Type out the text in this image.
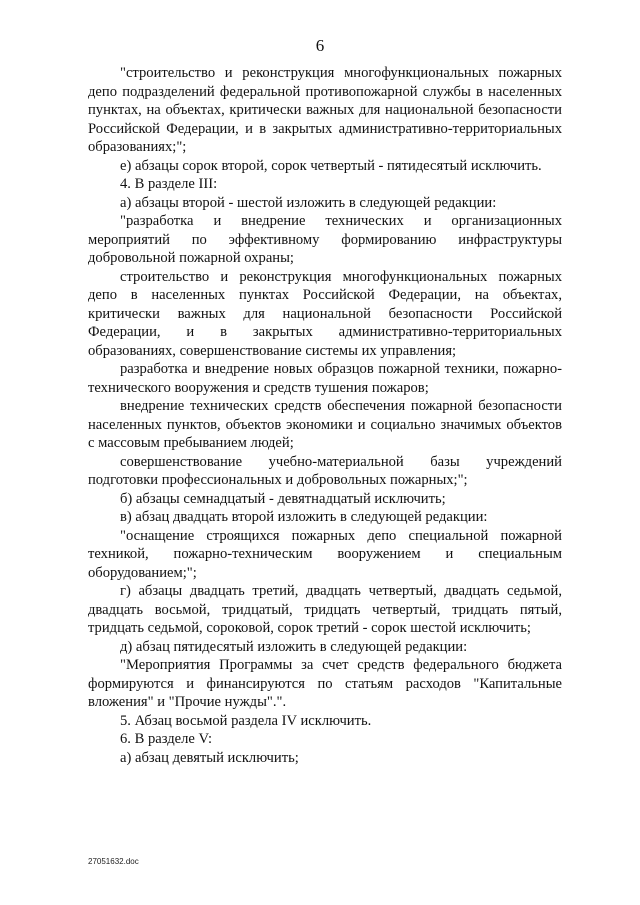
6

"строительство и реконструкция многофункциональных пожарных депо подразделений федеральной противопожарной службы в населенных пунктах, на объектах, критически важных для национальной безопасности Российской Федерации, и в закрытых административно-территориальных образованиях;";

е) абзацы сорок второй, сорок четвертый - пятидесятый исключить.

4. В разделе III:

а) абзацы второй - шестой изложить в следующей редакции:

"разработка и внедрение технических и организационных мероприятий по эффективному формированию инфраструктуры добровольной пожарной охраны;

строительство и реконструкция многофункциональных пожарных депо в населенных пунктах Российской Федерации, на объектах, критически важных для национальной безопасности Российской Федерации, и в закрытых административно-территориальных образованиях, совершенствование системы их управления;

разработка и внедрение новых образцов пожарной техники, пожарно-технического вооружения и средств тушения пожаров;

внедрение технических средств обеспечения пожарной безопасности населенных пунктов, объектов экономики и социально значимых объектов с массовым пребыванием людей;

совершенствование учебно-материальной базы учреждений подготовки профессиональных и добровольных пожарных;";

б) абзацы семнадцатый - девятнадцатый исключить;

в) абзац двадцать второй изложить в следующей редакции:

"оснащение строящихся пожарных депо специальной пожарной техникой, пожарно-техническим вооружением и специальным оборудованием;";

г) абзацы двадцать третий, двадцать четвертый, двадцать седьмой, двадцать восьмой, тридцатый, тридцать четвертый, тридцать пятый, тридцать седьмой, сороковой, сорок третий - сорок шестой исключить;

д) абзац пятидесятый изложить в следующей редакции:

"Мероприятия Программы за счет средств федерального бюджета формируются и финансируются по статьям расходов "Капитальные вложения" и "Прочие нужды".".

5. Абзац восьмой раздела IV исключить.

6. В разделе V:

а) абзац девятый исключить;

27051632.doc
